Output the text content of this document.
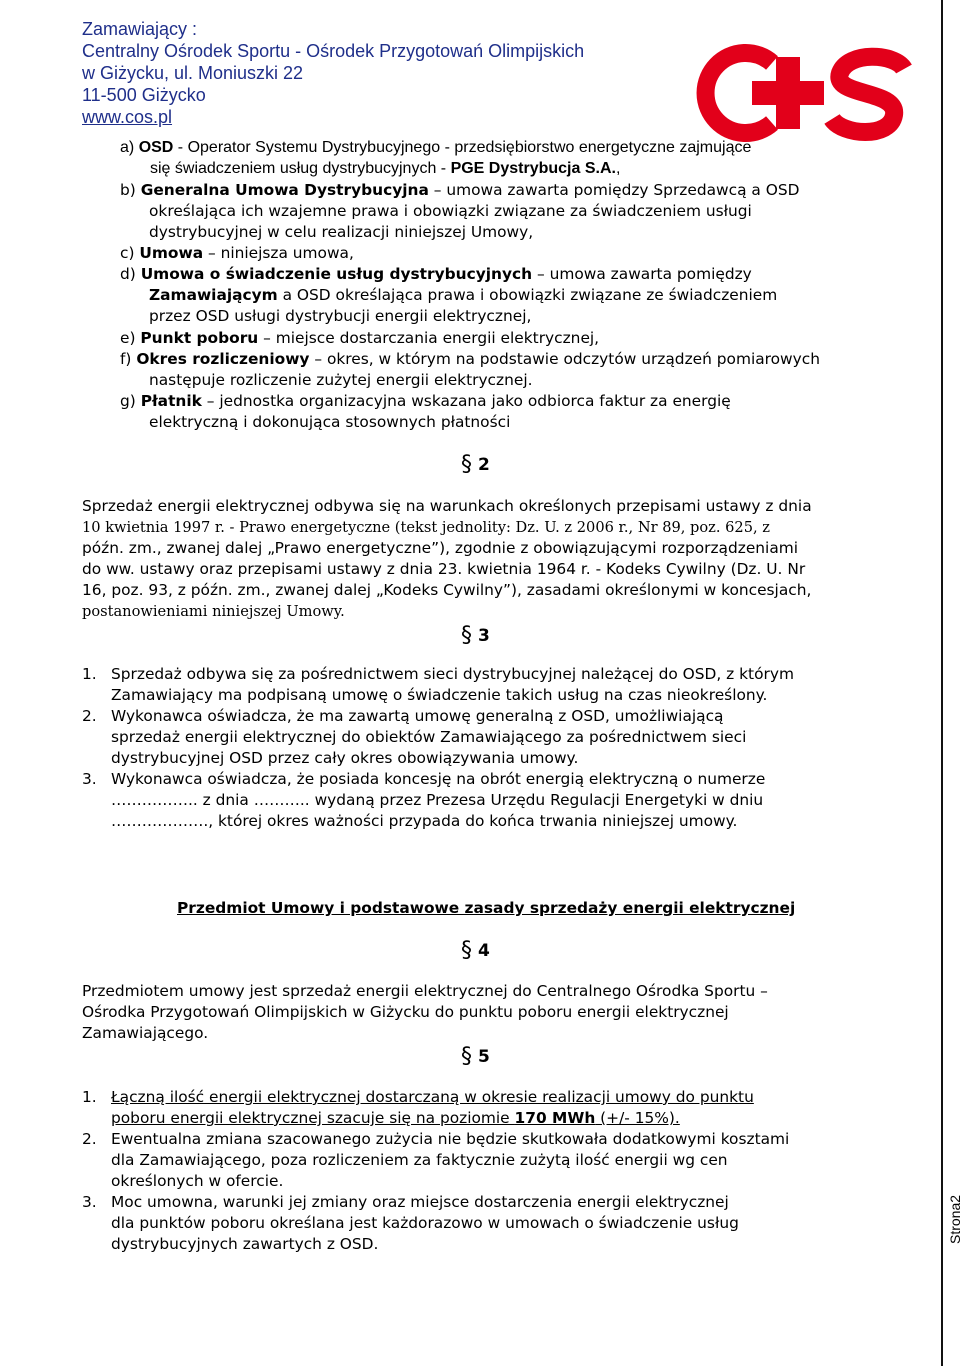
Zamawiający :
Centralny Ośrodek Sportu - Ośrodek Przygotowań Olimpijskich
w Giżycku, ul. Moniuszki 22
11-500 Giżycko
www.cos.pl
a) OSD - Operator Systemu Dystrybucyjnego - przedsiębiorstwo energetyczne zajmujące
się świadczeniem usług dystrybucyjnych - PGE Dystrybucja S.A.,
b) Generalna Umowa Dystrybucyjna – umowa zawarta pomiędzy Sprzedawcą a OSD
określająca ich wzajemne prawa i obowiązki związane za świadczeniem usługi
dystrybucyjnej w celu realizacji niniejszej Umowy,
c) Umowa – niniejsza umowa,
d) Umowa o świadczenie usług dystrybucyjnych – umowa zawarta pomiędzy
Zamawiającym a OSD określająca prawa i obowiązki związane ze świadczeniem
przez OSD usługi dystrybucji energii elektrycznej,
e) Punkt poboru – miejsce dostarczania energii elektrycznej,
f) Okres rozliczeniowy – okres, w którym na podstawie odczytów urządzeń pomiarowych
następuje rozliczenie zużytej energii elektrycznej.
g) Płatnik – jednostka organizacyjna wskazana jako odbiorca faktur za energię
elektryczną i dokonująca stosownych płatności
§ 2
Sprzedaż energii elektrycznej odbywa się na warunkach określonych przepisami ustawy z dnia
10 kwietnia 1997 r. - Prawo energetyczne (tekst jednolity: Dz. U. z 2006 r., Nr 89, poz. 625, z
późn. zm., zwanej dalej „Prawo energetyczne”), zgodnie z obowiązującymi rozporządzeniami
do ww. ustawy oraz przepisami ustawy z dnia 23. kwietnia 1964 r. - Kodeks Cywilny (Dz. U. Nr
16, poz. 93, z późn. zm., zwanej dalej „Kodeks Cywilny”), zasadami określonymi w koncesjach,
postanowieniami niniejszej Umowy.
§ 3
1. Sprzedaż odbywa się za pośrednictwem sieci dystrybucyjnej należącej do OSD, z którym
Zamawiający ma podpisaną umowę o świadczenie takich usług na czas nieokreślony.
2. Wykonawca oświadcza, że ma zawartą umowę generalną z OSD, umożliwiającą
sprzedaż energii elektrycznej do obiektów Zamawiającego za pośrednictwem sieci
dystrybucyjnej OSD przez cały okres obowiązywania umowy.
3. Wykonawca oświadcza, że posiada koncesję na obrót energią elektryczną o numerze
…………….. z dnia ……….. wydaną przez Prezesa Urzędu Regulacji Energetyki w dniu
………………., której okres ważności przypada do końca trwania niniejszej umowy.
Przedmiot Umowy i podstawowe zasady sprzedaży energii elektrycznej
§ 4
Przedmiotem umowy jest sprzedaż energii elektrycznej do Centralnego Ośrodka Sportu –
Ośrodka Przygotowań Olimpijskich w Giżycku do punktu poboru energii elektrycznej
Zamawiającego.
§ 5
1. Łączną ilość energii elektrycznej dostarczaną w okresie realizacji umowy do punktu
poboru energii elektrycznej szacuje się na poziomie 170 MWh (+/- 15%).
2. Ewentualna zmiana szacowanego zużycia nie będzie skutkowała dodatkowymi kosztami
dla Zamawiającego, poza rozliczeniem za faktycznie zużytą ilość energii wg cen
określonych w ofercie.
3. Moc umowna, warunki jej zmiany oraz miejsce dostarczenia energii elektrycznej
dla punktów poboru określana jest każdorazowo w umowach o świadczenie usług
dystrybucyjnych zawartych z OSD.	Strona2
